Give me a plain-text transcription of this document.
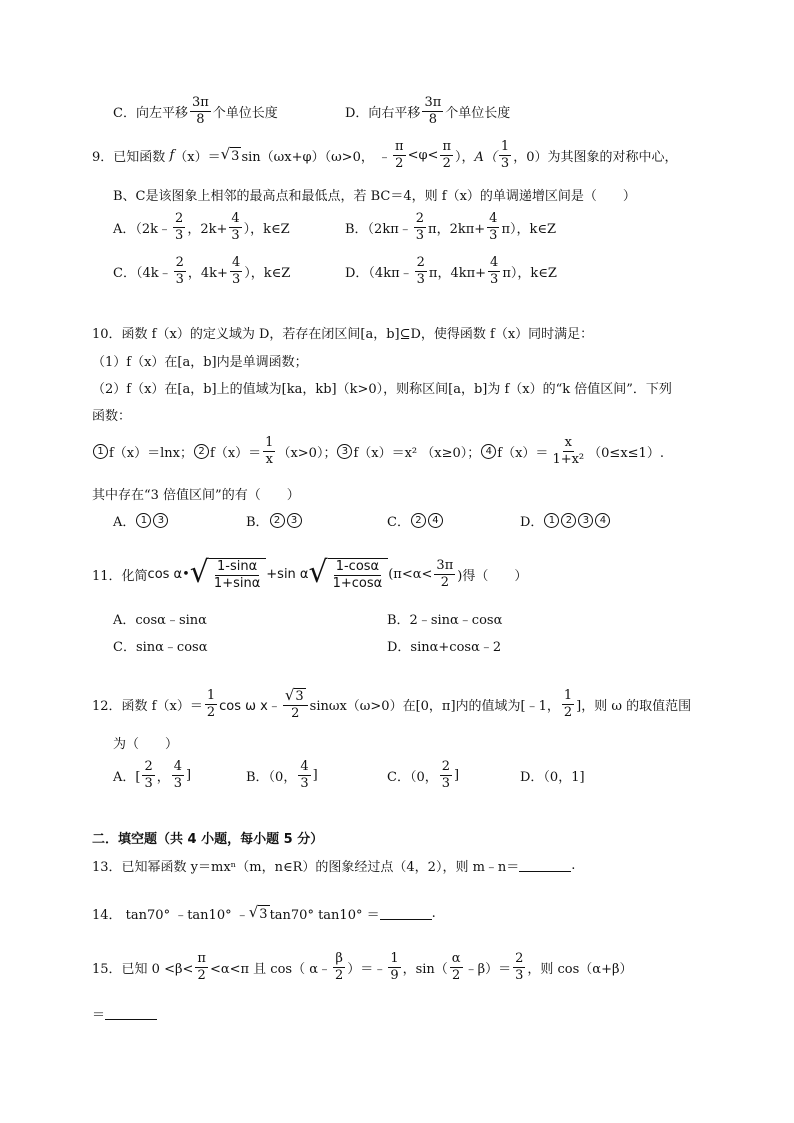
C．向左平移 $\frac{3\pi}{8}$ 个单位长度	D．向右平移 $\frac{3\pi}{8}$ 个单位长度
9． 已知函数
f （x） ＝ √ 3 sin（ωx+φ）（ω>0，
﹣ $\frac{\pi}{2} <\varphi< \frac{\pi}{2}$ ）， $A( \frac{1}{3}$ ，0）为其图象的对称中心，
B、C是该图象上相邻的最高点和最低点，若 BC＝4，则 f（x）的单调递增区间是（　　）
A．（2k﹣ $\frac{2}{3}$ ，$2k+ \frac{4}{3}$ ），k∈Z	B．（2kπ﹣ $\frac{2}{3}$ π，$2k\pi+ \frac{4}{3} \pi$），k∈Z
C．（4k﹣ $\frac{2}{3}$ ，$4k+ \frac{4}{3}$ ），k∈Z	D．（4kπ﹣ $\frac{2}{3}$ π，$4k\pi+ \frac{4}{3} \pi$），k∈Z
10．函数 f（x）的定义域为 D，若存在闭区间[a，b]⊆D，使得函数 f（x）同时满足：
（1）f（x）在[a，b]内是单调函数；
（2）f（x）在[a，b]上的值域为[ka，kb]（k>0），则称区间[a，b]为 f（x）的“k 倍值区间”．下列
函数：
1 f（x）＝lnx； 2 $f(x)= \frac{1}{x} (x>0)$； 3 f（x）＝x² （x≥0）； 4 $f(x)= \frac{x}{\text{1+x²}} (0\le x\le 1)$.
其中存在“3 倍值区间”的有（　　）
A． 1	3	B． 2	3	C． 2	4	D． 1	2	3	4
11．化简 cos α • √ $\frac{1-\sin\alpha}{1+\sin\alpha} +\sin$ α √ $\frac{1-\cos\alpha}{1+\cos\alpha} (\pi<\alpha< \frac{3\pi}{2}$ )得（　　）
A．cosα﹣sinα	B．2﹣sinα﹣cosα
C．sinα﹣cosα	D．sinα+cosα﹣2
12．函数 $f(x)= \frac{1}{2}$ cos ω x﹣ $\frac{√ 3}{2} \sin\omega x(\omega>0)$在[0，π]内的值域为[﹣1， $\frac{1}{2}$ ]，则 ω 的取值范围
为（　　）
A．[ $\frac{2}{3}$ ， $\frac{4}{3}$ ]	B．（0， $\frac{4}{3}$ ]	C．（0， $\frac{2}{3}$ ]	D．（0，1]
二．填空题（共 4 小题，每小题 5 分）
13．已知幂函数 y＝mxⁿ（m，n∈R）的图象经过点（4，2），则 m﹣n＝	.
14． tan70° ﹣tan10° ﹣ √ 3 tan70° tan10° ＝	.
15．已知 $0 <\beta< \frac{\pi}{2} <\alpha<\pi$ 且 cos（ α﹣ $\frac{\beta}{2}$ ）＝﹣ $\frac{1}{9}$ ，$\sin( \frac{\alpha}{2}$ ﹣β）＝ $\frac{2}{3}$ ，则 cos（α+β）
＝
